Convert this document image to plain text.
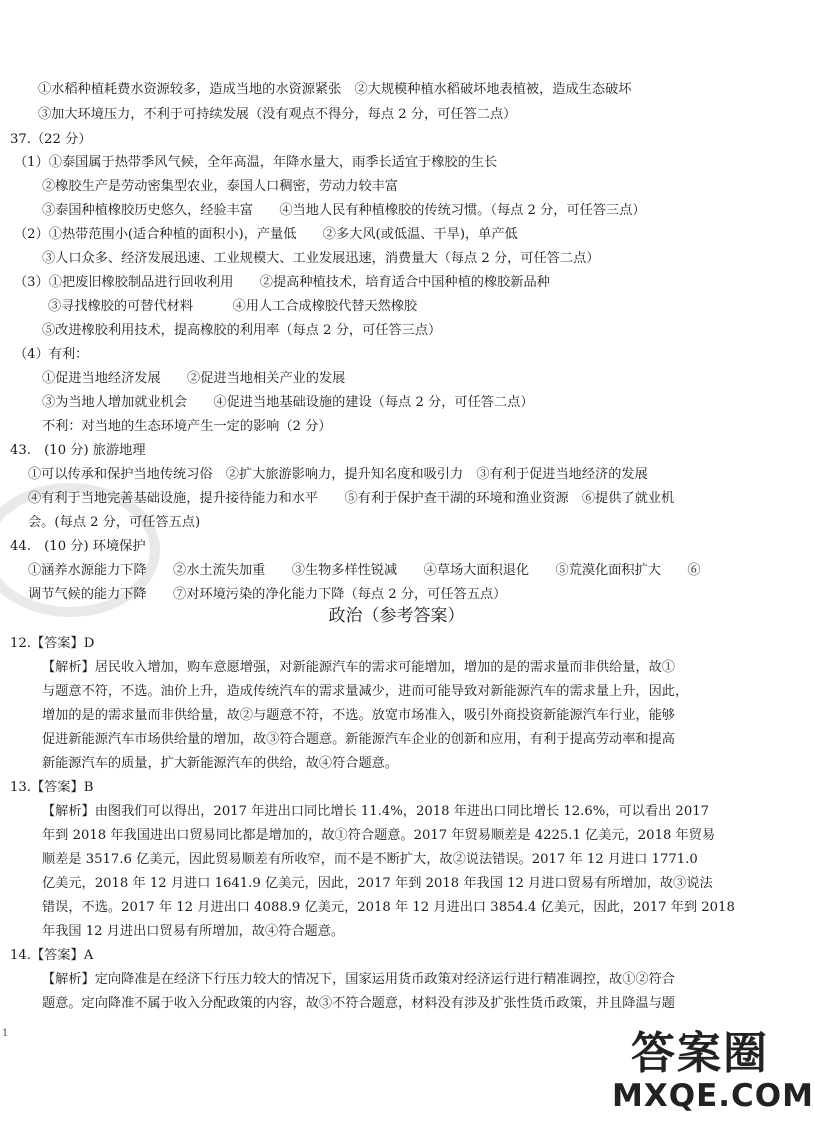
①水稻种植耗费水资源较多，造成当地的水资源紧张　②大规模种植水稻破坏地表植被，造成生态破坏
③加大环境压力，不利于可持续发展（没有观点不得分，每点 2 分，可任答二点）
37.（22 分）
（1）①泰国属于热带季风气候，全年高温，年降水量大，雨季长适宜于橡胶的生长
②橡胶生产是劳动密集型农业，泰国人口稠密，劳动力较丰富
③泰国种植橡胶历史悠久，经验丰富　　④当地人民有种植橡胶的传统习惯。（每点 2 分，可任答三点）
（2）①热带范围小(适合种植的面积小)，产量低　　②多大风(或低温、干旱)，单产低
③人口众多、经济发展迅速、工业规模大、工业发展迅速，消费量大（每点 2 分，可任答二点）
（3）①把废旧橡胶制品进行回收利用　　②提高种植技术，培育适合中国种植的橡胶新品种
③寻找橡胶的可替代材料　　　④用人工合成橡胶代替天然橡胶
⑤改进橡胶利用技术，提高橡胶的利用率（每点 2 分，可任答三点）
（4）有利：
①促进当地经济发展　　②促进当地相关产业的发展
③为当地人增加就业机会　　④促进当地基础设施的建设（每点 2 分，可任答二点）
不利：对当地的生态环境产生一定的影响（2 分）
43.　(10 分) 旅游地理
①可以传承和保护当地传统习俗　②扩大旅游影响力，提升知名度和吸引力　③有利于促进当地经济的发展
④有利于当地完善基础设施，提升接待能力和水平　　⑤有利于保护查干湖的环境和渔业资源　⑥提供了就业机
会。(每点 2 分，可任答五点)
44.　(10 分) 环境保护
①涵养水源能力下降　　②水土流失加重　　③生物多样性锐减　　④草场大面积退化　　⑤荒漠化面积扩大　　⑥
调节气候的能力下降　　⑦对环境污染的净化能力下降（每点 2 分，可任答五点）
12.【答案】D
【解析】居民收入增加，购车意愿增强，对新能源汽车的需求可能增加，增加的是的需求量而非供给量，故①
与题意不符，不选。油价上升，造成传统汽车的需求量减少，进而可能导致对新能源汽车的需求量上升，因此，
增加的是的需求量而非供给量，故②与题意不符，不选。放宽市场准入，吸引外商投资新能源汽车行业，能够
促进新能源汽车市场供给量的增加，故③符合题意。新能源汽车企业的创新和应用，有利于提高劳动率和提高
新能源汽车的质量，扩大新能源汽车的供给，故④符合题意。
13.【答案】B
【解析】由图我们可以得出，2017 年进出口同比增长 11.4%，2018 年进出口同比增长 12.6%，可以看出 2017
年到 2018 年我国进出口贸易同比都是增加的，故①符合题意。2017 年贸易顺差是 4225.1 亿美元，2018 年贸易
顺差是 3517.6 亿美元，因此贸易顺差有所收窄，而不是不断扩大，故②说法错误。2017 年 12 月进口 1771.0
亿美元，2018 年 12 月进口 1641.9 亿美元，因此，2017 年到 2018 年我国 12 月进口贸易有所增加，故③说法
错误，不选。2017 年 12 月进出口 4088.9 亿美元，2018 年 12 月进出口 3854.4 亿美元，因此，2017 年到 2018
年我国 12 月进出口贸易有所增加，故④符合题意。
14.【答案】A
【解析】定向降准是在经济下行压力较大的情况下，国家运用货币政策对经济运行进行精准调控，故①②符合
题意。定向降准不属于收入分配政策的内容，故③不符合题意，材料没有涉及扩张性货币政策，并且降温与题
政治（参考答案）
1	答案圈
MXQE.COM
